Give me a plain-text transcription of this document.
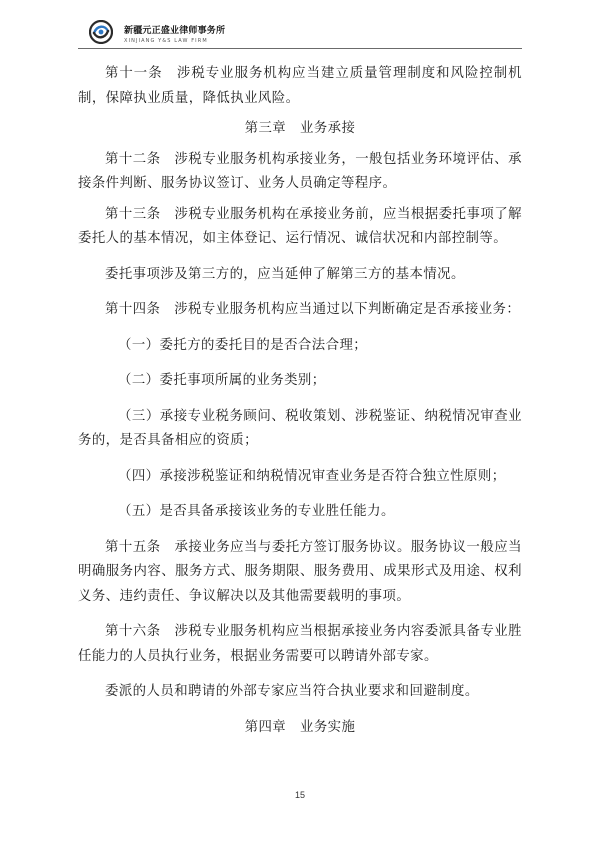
新疆元正盛业律师事务所
XINJIANG Y&S LAW FIRM

第十一条　涉税专业服务机构应当建立质量管理制度和风险控制机制，保障执业质量，降低执业风险。

第三章　业务承接

第十二条　涉税专业服务机构承接业务，一般包括业务环境评估、承接条件判断、服务协议签订、业务人员确定等程序。

第十三条　涉税专业服务机构在承接业务前，应当根据委托事项了解委托人的基本情况，如主体登记、运行情况、诚信状况和内部控制等。

委托事项涉及第三方的，应当延伸了解第三方的基本情况。

第十四条　涉税专业服务机构应当通过以下判断确定是否承接业务：

（一）委托方的委托目的是否合法合理；

（二）委托事项所属的业务类别；

（三）承接专业税务顾问、税收策划、涉税鉴证、纳税情况审查业务的，是否具备相应的资质；

（四）承接涉税鉴证和纳税情况审查业务是否符合独立性原则；

（五）是否具备承接该业务的专业胜任能力。

第十五条　承接业务应当与委托方签订服务协议。服务协议一般应当明确服务内容、服务方式、服务期限、服务费用、成果形式及用途、权利义务、违约责任、争议解决以及其他需要载明的事项。

第十六条　涉税专业服务机构应当根据承接业务内容委派具备专业胜任能力的人员执行业务，根据业务需要可以聘请外部专家。

委派的人员和聘请的外部专家应当符合执业要求和回避制度。

第四章　业务实施

15
